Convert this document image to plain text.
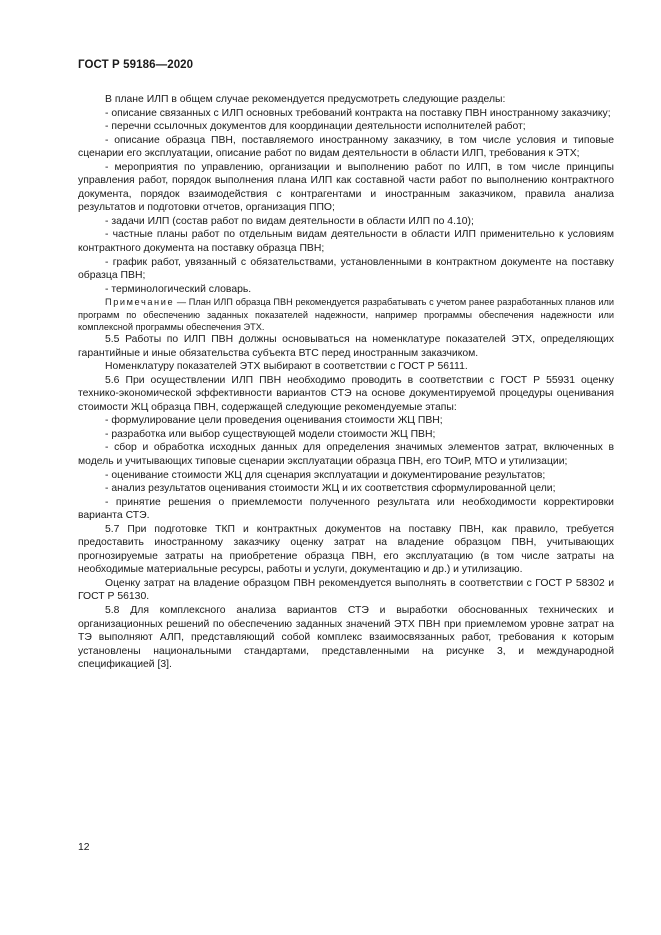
ГОСТ Р 59186—2020

В плане ИЛП в общем случае рекомендуется предусмотреть следующие разделы:

- описание связанных с ИЛП основных требований контракта на поставку ПВН иностранному заказчику;

- перечни ссылочных документов для координации деятельности исполнителей работ;

- описание образца ПВН, поставляемого иностранному заказчику, в том числе условия и типовые сценарии его эксплуатации, описание работ по видам деятельности в области ИЛП, требования к ЭТХ;

- мероприятия по управлению, организации и выполнению работ по ИЛП, в том числе принципы управления работ, порядок выполнения плана ИЛП как составной части работ по выполнению контрактного документа, порядок взаимодействия с контрагентами и иностранным заказчиком, правила анализа результатов и подготовки отчетов, организация ППО;

- задачи ИЛП (состав работ по видам деятельности в области ИЛП по 4.10);

- частные планы работ по отдельным видам деятельности в области ИЛП применительно к условиям контрактного документа на поставку образца ПВН;

- график работ, увязанный с обязательствами, установленными в контрактном документе на поставку образца ПВН;

- терминологический словарь.

Примечание — План ИЛП образца ПВН рекомендуется разрабатывать с учетом ранее разработанных планов или программ по обеспечению заданных показателей надежности, например программы обеспечения надежности или комплексной программы обеспечения ЭТХ.

5.5 Работы по ИЛП ПВН должны основываться на номенклатуре показателей ЭТХ, определяющих гарантийные и иные обязательства субъекта ВТС перед иностранным заказчиком.

Номенклатуру показателей ЭТХ выбирают в соответствии с ГОСТ Р 56111.

5.6 При осуществлении ИЛП ПВН необходимо проводить в соответствии с ГОСТ Р 55931 оценку технико-экономической эффективности вариантов СТЭ на основе документируемой процедуры оценивания стоимости ЖЦ образца ПВН, содержащей следующие рекомендуемые этапы:

- формулирование цели проведения оценивания стоимости ЖЦ ПВН;

- разработка или выбор существующей модели стоимости ЖЦ ПВН;

- сбор и обработка исходных данных для определения значимых элементов затрат, включенных в модель и учитывающих типовые сценарии эксплуатации образца ПВН, его ТОиР, МТО и утилизации;

- оценивание стоимости ЖЦ для сценария эксплуатации и документирование результатов;

- анализ результатов оценивания стоимости ЖЦ и их соответствия сформулированной цели;

- принятие решения о приемлемости полученного результата или необходимости корректировки варианта СТЭ.

5.7 При подготовке ТКП и контрактных документов на поставку ПВН, как правило, требуется предоставить иностранному заказчику оценку затрат на владение образцом ПВН, учитывающих прогнозируемые затраты на приобретение образца ПВН, его эксплуатацию (в том числе затраты на необходимые материальные ресурсы, работы и услуги, документацию и др.) и утилизацию.

Оценку затрат на владение образцом ПВН рекомендуется выполнять в соответствии с ГОСТ Р 58302 и ГОСТ Р 56130.

5.8 Для комплексного анализа вариантов СТЭ и выработки обоснованных технических и организационных решений по обеспечению заданных значений ЭТХ ПВН при приемлемом уровне затрат на ТЭ выполняют АЛП, представляющий собой комплекс взаимосвязанных работ, требования к которым установлены национальными стандартами, представленными на рисунке 3, и международной спецификацией [3].

12
